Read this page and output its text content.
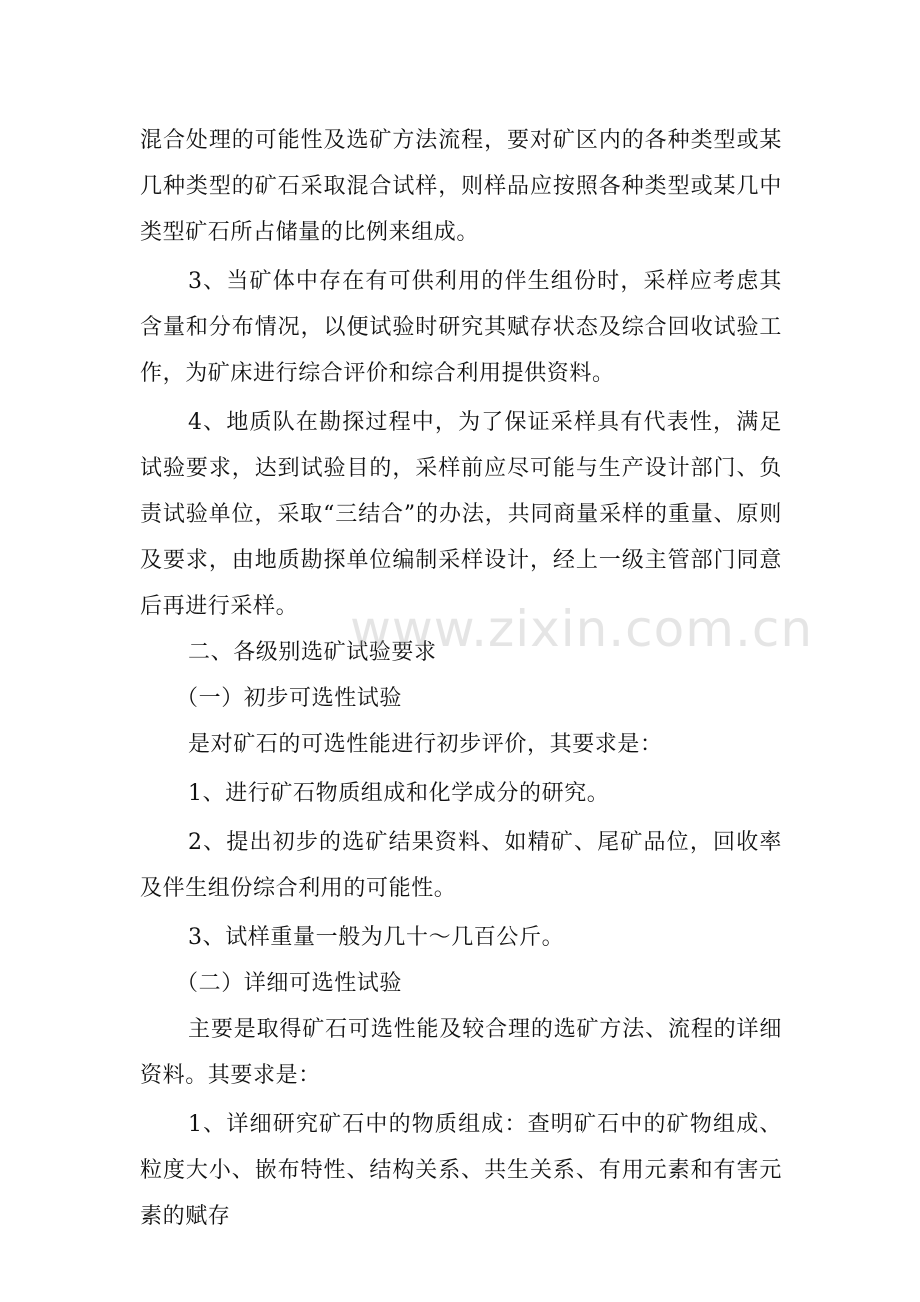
混合处理的可能性及选矿方法流程，要对矿区内的各种类型或某几种类型的矿石采取混合试样，则样品应按照各种类型或某几中类型矿石所占储量的比例来组成。

3、当矿体中存在有可供利用的伴生组份时，采样应考虑其含量和分布情况，以便试验时研究其赋存状态及综合回收试验工作，为矿床进行综合评价和综合利用提供资料。

4、地质队在勘探过程中，为了保证采样具有代表性，满足试验要求，达到试验目的，采样前应尽可能与生产设计部门、负责试验单位，采取“三结合”的办法，共同商量采样的重量、原则及要求，由地质勘探单位编制采样设计，经上一级主管部门同意后再进行采样。

二、各级别选矿试验要求

（一）初步可选性试验

是对矿石的可选性能进行初步评价，其要求是：

1、进行矿石物质组成和化学成分的研究。

2、提出初步的选矿结果资料、如精矿、尾矿品位，回收率及伴生组份综合利用的可能性。

3、试样重量一般为几十～几百公斤。

（二）详细可选性试验

主要是取得矿石可选性能及较合理的选矿方法、流程的详细资料。其要求是：

1、详细研究矿石中的物质组成：查明矿石中的矿物组成、粒度大小、嵌布特性、结构关系、共生关系、有用元素和有害元素的赋存

www.zixin.com.cn
